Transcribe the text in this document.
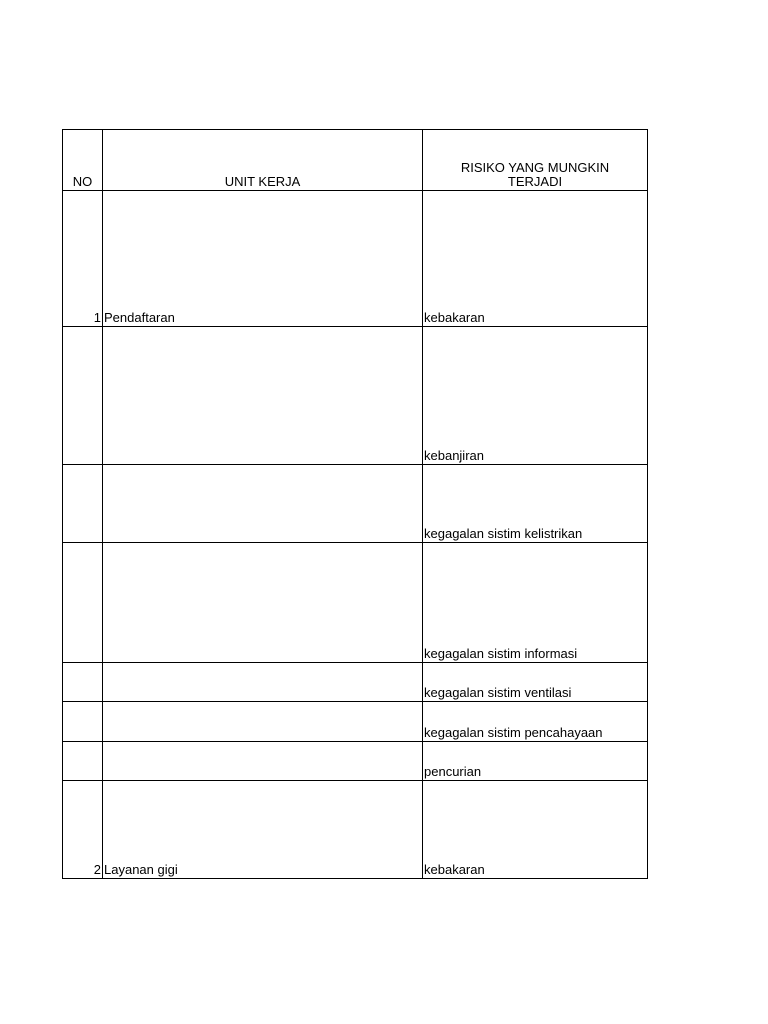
NO	UNIT KERJA	RISIKO YANG MUNGKIN TERJADI
1	Pendaftaran	kebakaran
		kebanjiran
		kegagalan sistim kelistrikan
		kegagalan sistim informasi
		kegagalan sistim ventilasi
		kegagalan sistim pencahayaan
		pencurian
2	Layanan gigi	kebakaran
